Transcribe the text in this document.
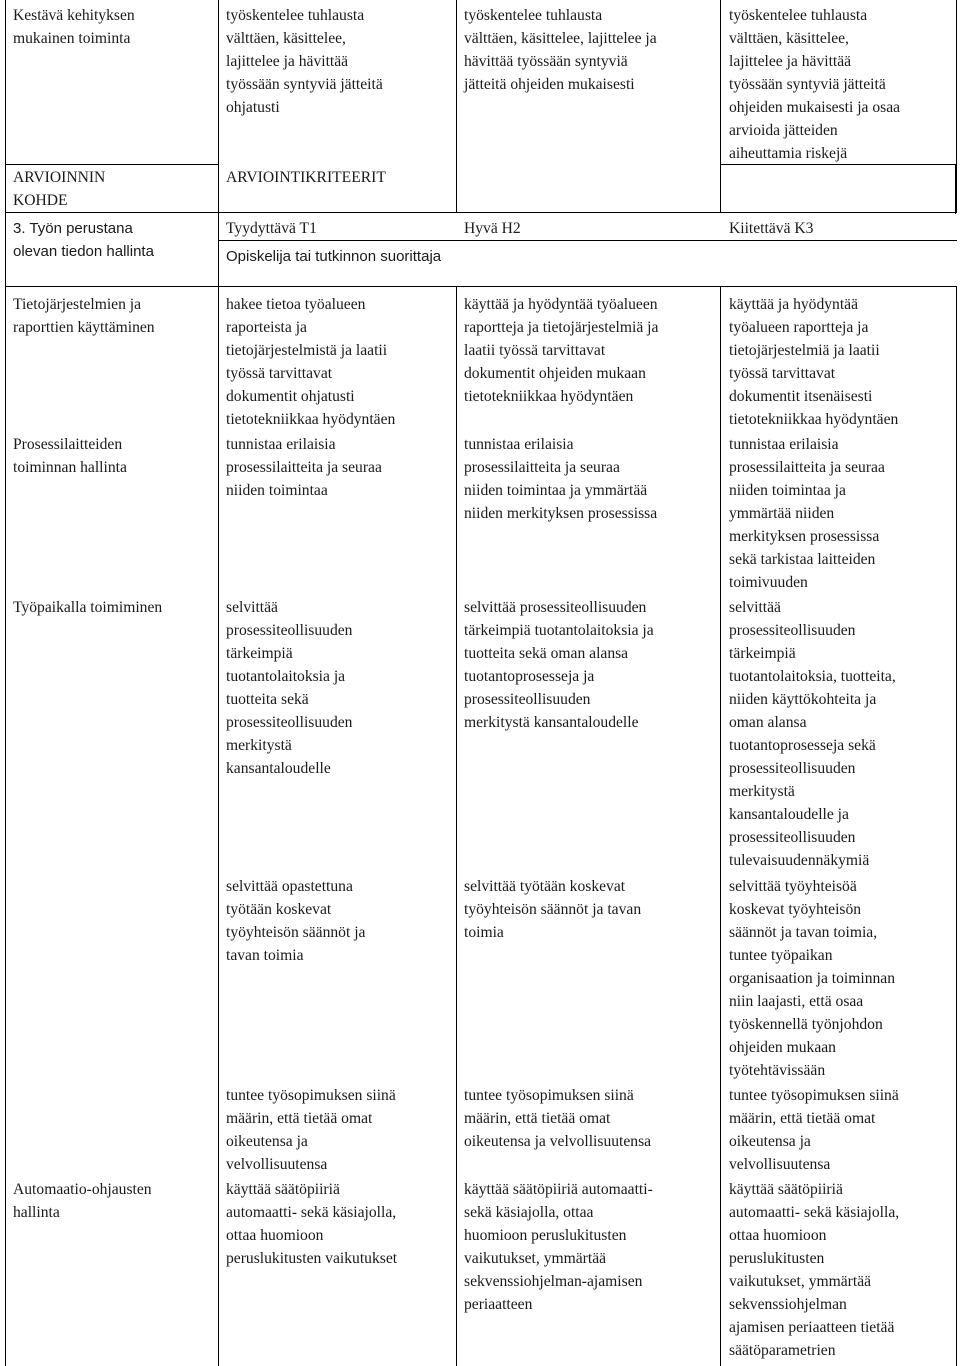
Kestävä kehityksen
mukainen toiminta
työskentelee tuhlausta
välttäen, käsittelee,
lajittelee ja hävittää
työssään syntyviä jätteitä
ohjatusti
työskentelee tuhlausta
välttäen, käsittelee, lajittelee ja
hävittää työssään syntyviä
jätteitä ohjeiden mukaisesti
työskentelee tuhlausta
välttäen, käsittelee,
lajittelee ja hävittää
työssään syntyviä jätteitä
ohjeiden mukaisesti ja osaa
arvioida jätteiden
aiheuttamia riskejä
ARVIOINNIN
KOHDE
ARVIOINTIKRITEERIT
3. Työn perustana
olevan tiedon hallinta
Tyydyttävä T1	Hyvä H2	Kiitettävä K3
Opiskelija tai tutkinnon suorittaja
Tietojärjestelmien ja
raporttien käyttäminen
Prosessilaitteiden
toiminnan hallinta
Työpaikalla toimiminen
Automaatio-ohjausten
hallinta
hakee tietoa työalueen
raporteista ja
tietojärjestelmistä ja laatii
työssä tarvittavat
dokumentit ohjatusti
tietotekniikkaa hyödyntäen
tunnistaa erilaisia
prosessilaitteita ja seuraa
niiden toimintaa
selvittää
prosessiteollisuuden
tärkeimpiä
tuotantolaitoksia ja
tuotteita sekä
prosessiteollisuuden
merkitystä
kansantaloudelle
selvittää opastettuna
työtään koskevat
työyhteisön säännöt ja
tavan toimia
tuntee työsopimuksen siinä
määrin, että tietää omat
oikeutensa ja
velvollisuutensa
käyttää säätöpiiriä
automaatti- sekä käsiajolla,
ottaa huomioon
peruslukitusten vaikutukset
käyttää ja hyödyntää työalueen
raportteja ja tietojärjestelmiä ja
laatii työssä tarvittavat
dokumentit ohjeiden mukaan
tietotekniikkaa hyödyntäen
tunnistaa erilaisia
prosessilaitteita ja seuraa
niiden toimintaa ja ymmärtää
niiden merkityksen prosessissa
selvittää prosessiteollisuuden
tärkeimpiä tuotantolaitoksia ja
tuotteita sekä oman alansa
tuotantoprosesseja ja
prosessiteollisuuden
merkitystä kansantaloudelle
selvittää työtään koskevat
työyhteisön säännöt ja tavan
toimia
tuntee työsopimuksen siinä
määrin, että tietää omat
oikeutensa ja velvollisuutensa
käyttää säätöpiiriä automaatti-
sekä käsiajolla, ottaa
huomioon peruslukitusten
vaikutukset, ymmärtää
sekvenssiohjelman-ajamisen
periaatteen
käyttää ja hyödyntää
työalueen raportteja ja
tietojärjestelmiä ja laatii
työssä tarvittavat
dokumentit itsenäisesti
tietotekniikkaa hyödyntäen
tunnistaa erilaisia
prosessilaitteita ja seuraa
niiden toimintaa ja
ymmärtää niiden
merkityksen prosessissa
sekä tarkistaa laitteiden
toimivuuden
selvittää
prosessiteollisuuden
tärkeimpiä
tuotantolaitoksia, tuotteita,
niiden käyttökohteita ja
oman alansa
tuotantoprosesseja sekä
prosessiteollisuuden
merkitystä
kansantaloudelle ja
prosessiteollisuuden
tulevaisuudennäkymiä
selvittää työyhteisöä
koskevat työyhteisön
säännöt ja tavan toimia,
tuntee työpaikan
organisaation ja toiminnan
niin laajasti, että osaa
työskennellä työnjohdon
ohjeiden mukaan
työtehtävissään
tuntee työsopimuksen siinä
määrin, että tietää omat
oikeutensa ja
velvollisuutensa
käyttää säätöpiiriä
automaatti- sekä käsiajolla,
ottaa huomioon
peruslukitusten
vaikutukset, ymmärtää
sekvenssiohjelman
ajamisen periaatteen tietää
säätöparametrien
